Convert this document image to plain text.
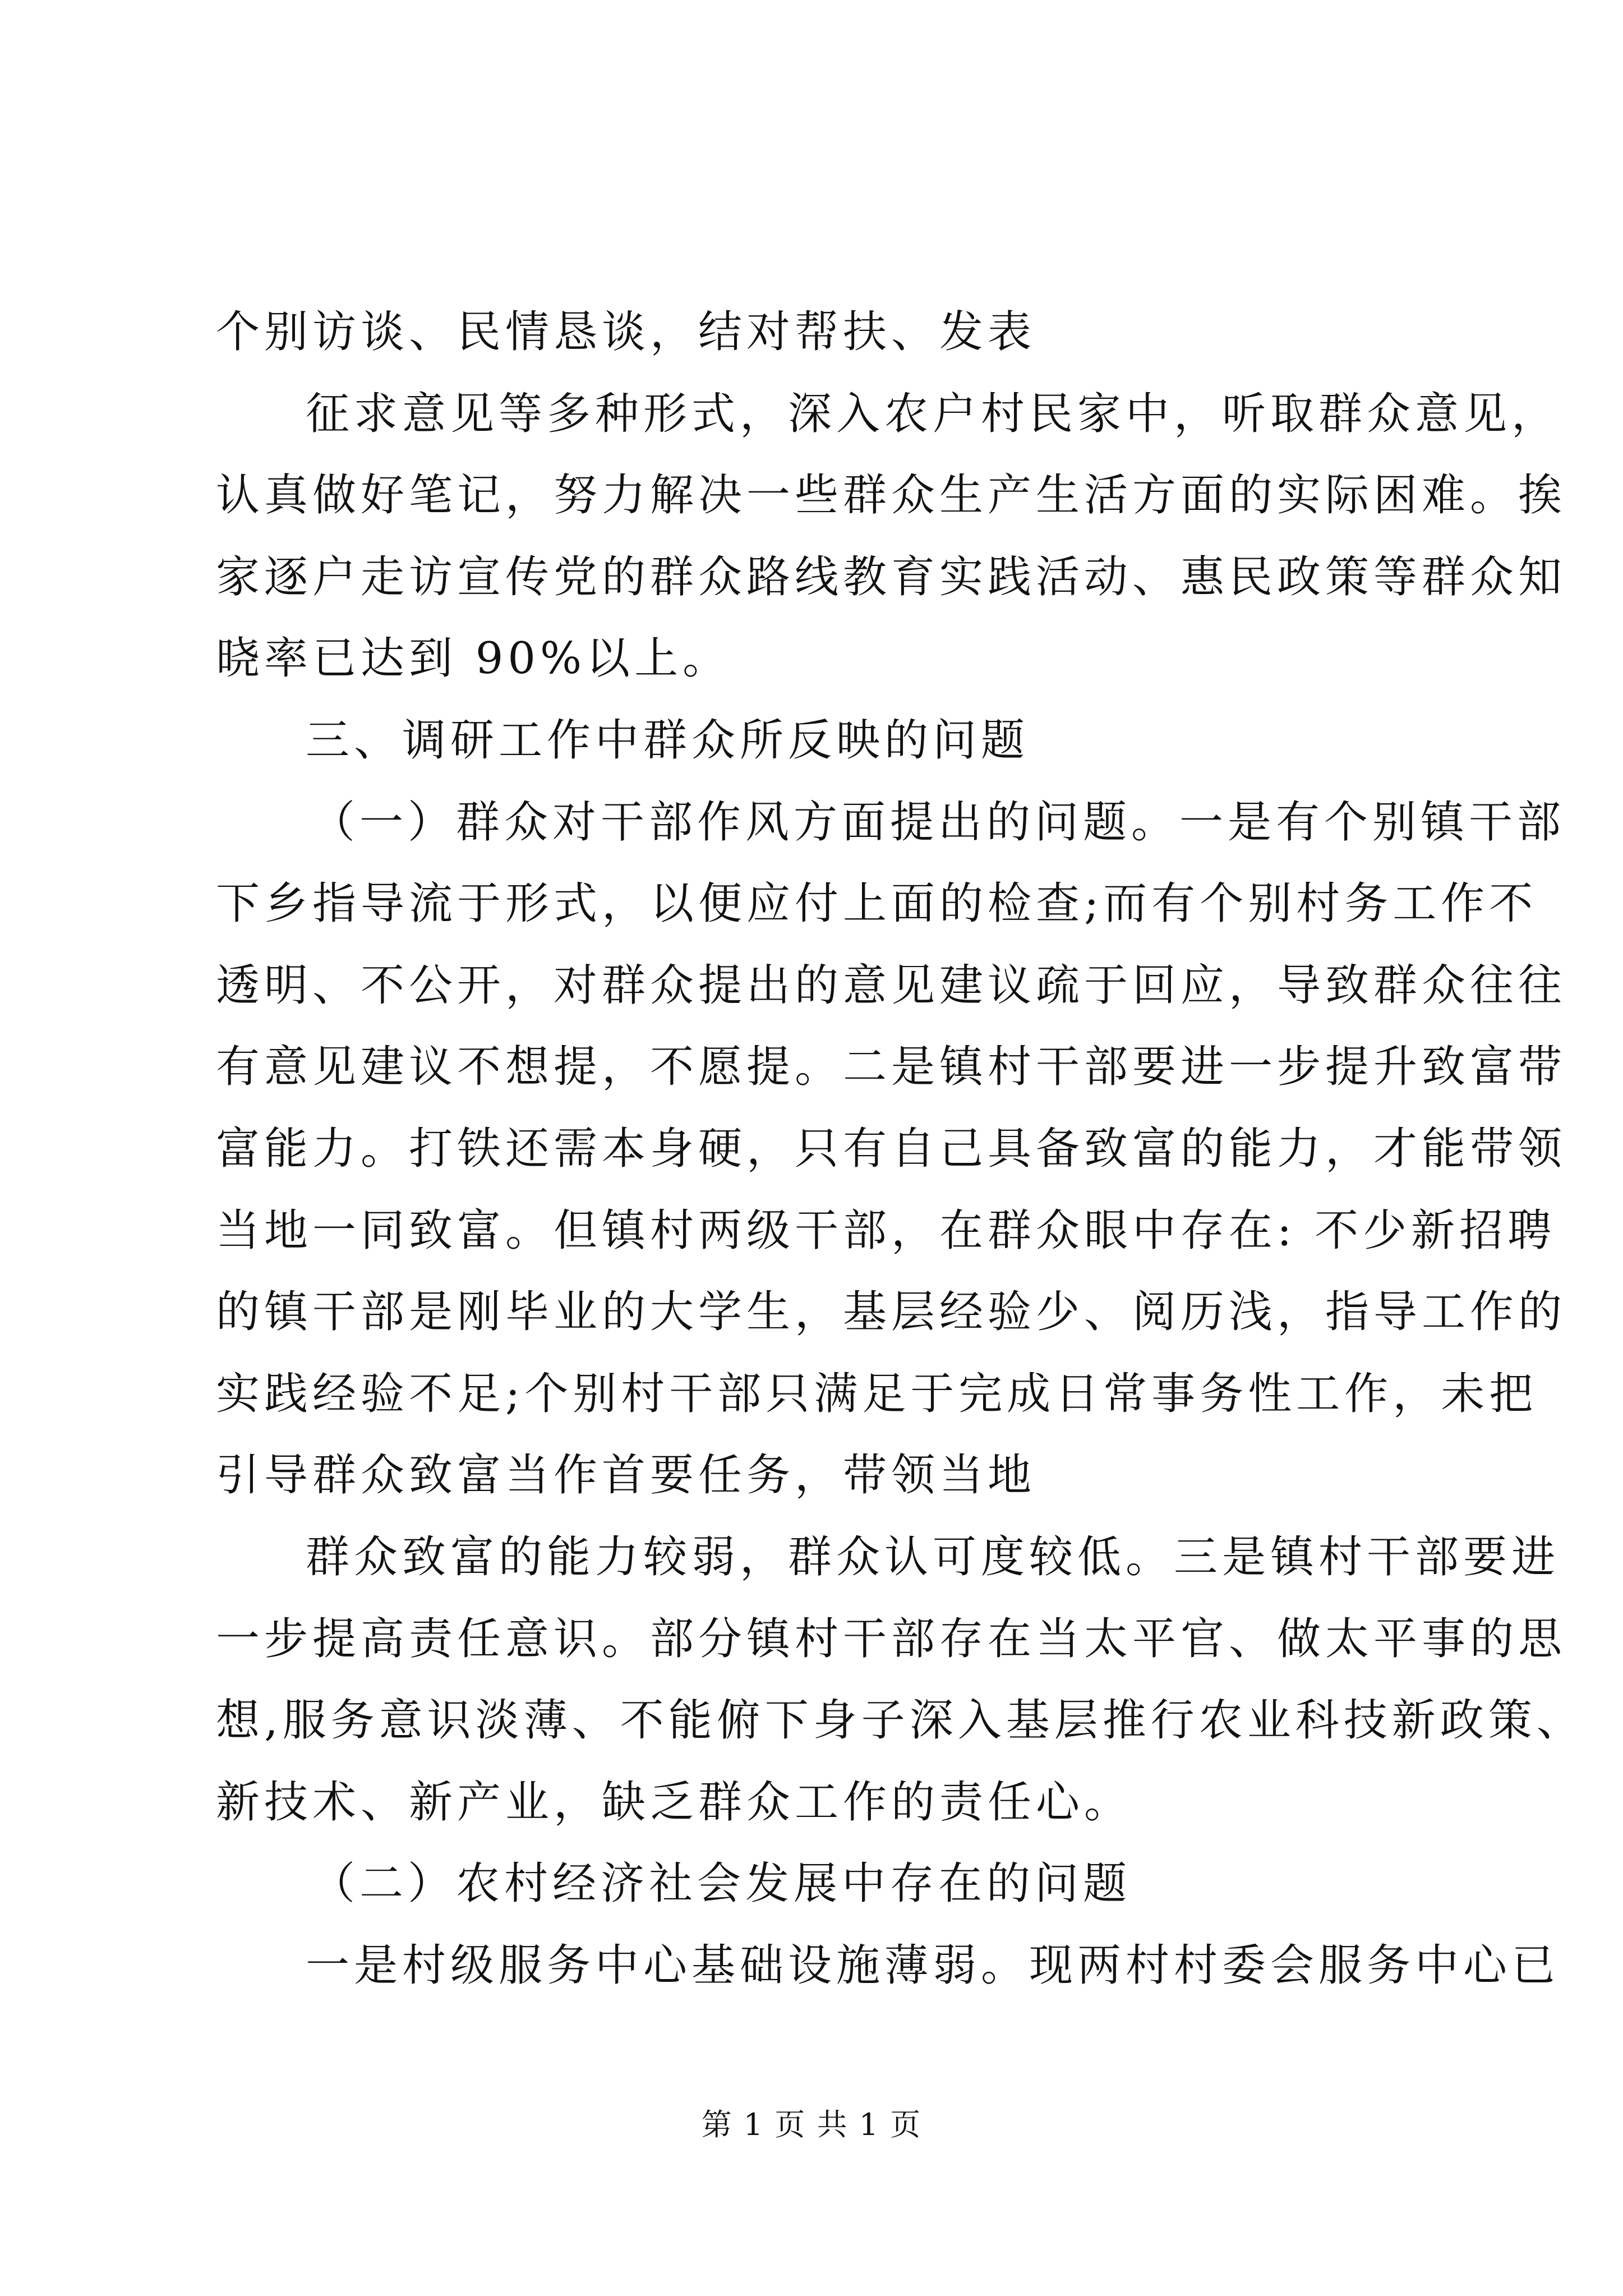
个别访谈、民情恳谈，结对帮扶、发表

征求意见等多种形式，深入农户村民家中，听取群众意见，

认真做好笔记，努力解决一些群众生产生活方面的实际困难。挨

家逐户走访宣传党的群众路线教育实践活动、惠民政策等群众知

晓率已达到 90%以上。

三、调研工作中群众所反映的问题

（一）群众对干部作风方面提出的问题。一是有个别镇干部

下乡指导流于形式，以便应付上面的检查;而有个别村务工作不

透明、不公开，对群众提出的意见建议疏于回应，导致群众往往

有意见建议不想提，不愿提。二是镇村干部要进一步提升致富带

富能力。打铁还需本身硬，只有自己具备致富的能力，才能带领

当地一同致富。但镇村两级干部，在群众眼中存在: 不少新招聘

的镇干部是刚毕业的大学生，基层经验少、阅历浅，指导工作的

实践经验不足;个别村干部只满足于完成日常事务性工作，未把

引导群众致富当作首要任务，带领当地

群众致富的能力较弱，群众认可度较低。三是镇村干部要进

一步提高责任意识。部分镇村干部存在当太平官、做太平事的思

想,服务意识淡薄、不能俯下身子深入基层推行农业科技新政策、

新技术、新产业，缺乏群众工作的责任心。

（二）农村经济社会发展中存在的问题

一是村级服务中心基础设施薄弱。现两村村委会服务中心已

第 1 页 共 1 页
